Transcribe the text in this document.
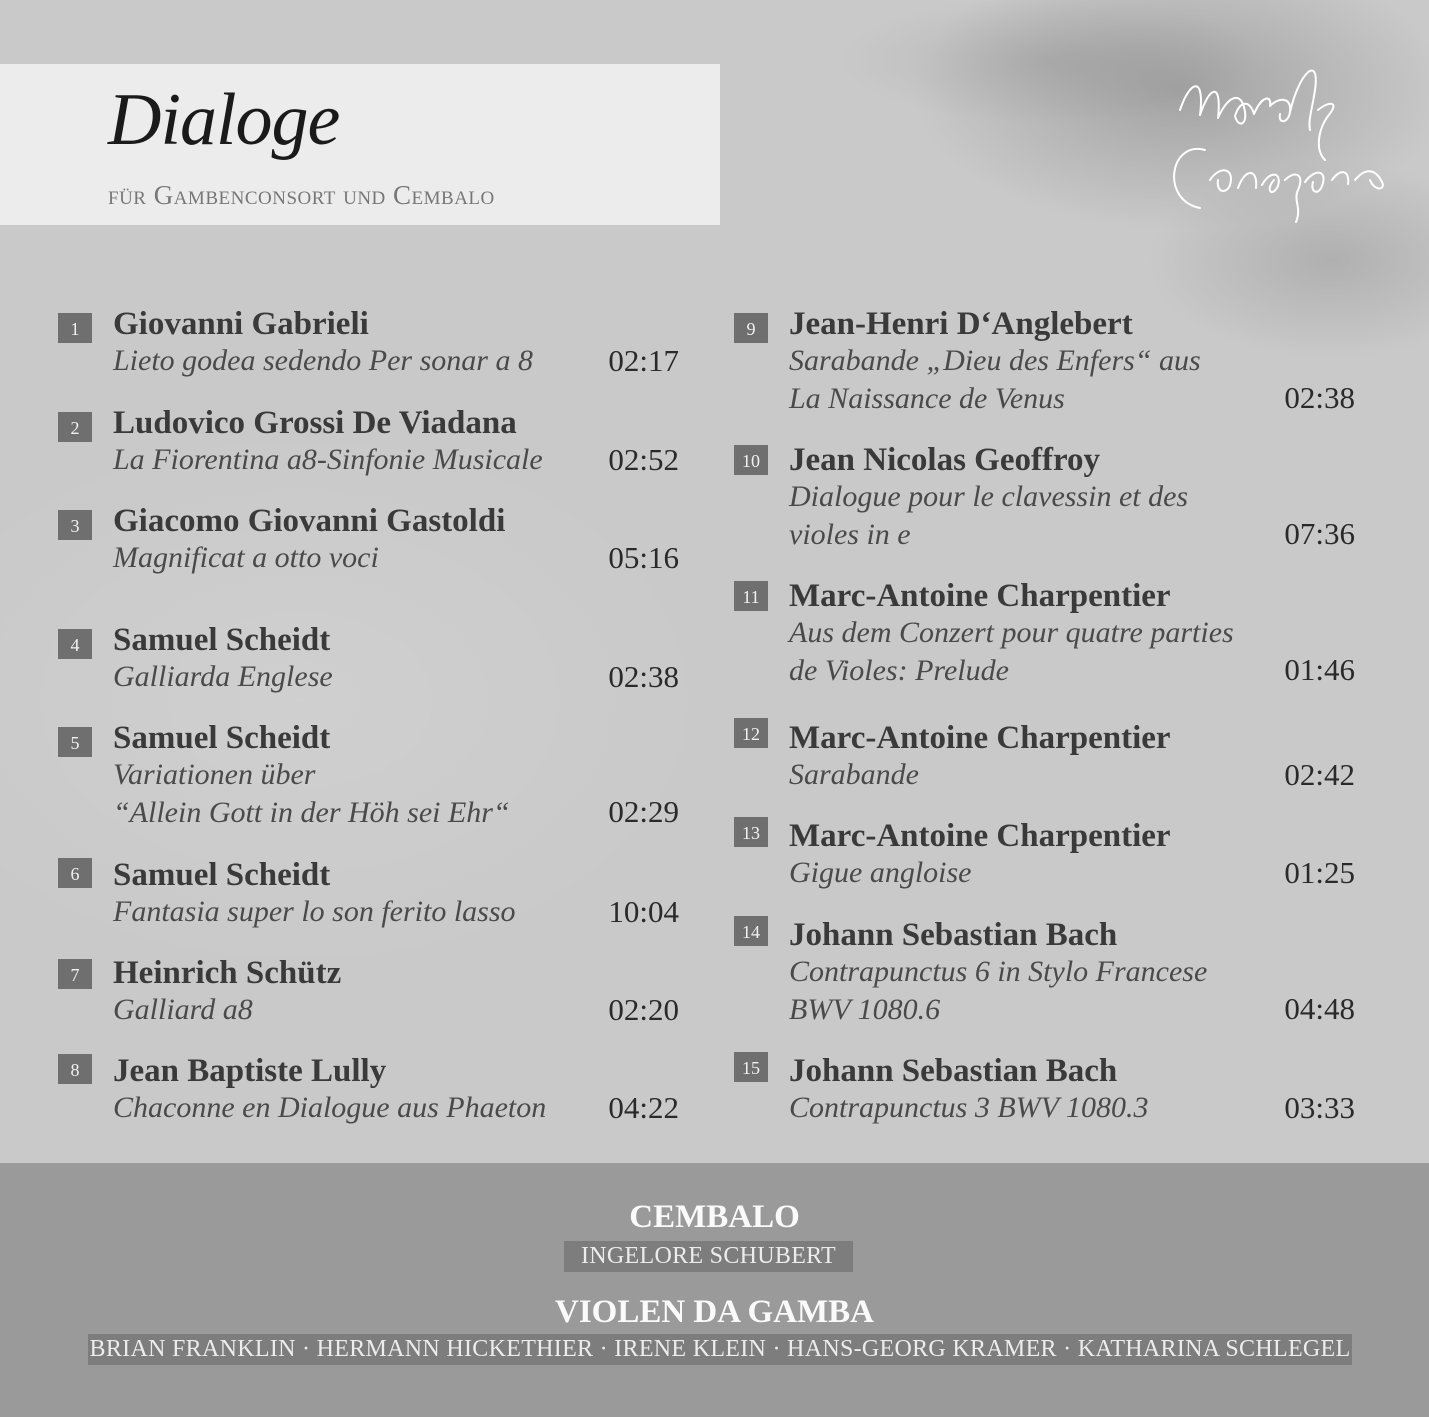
Dialoge

für Gambenconsort und Cembalo

1	Giovanni Gabrieli
Lieto godea sedendo Per sonar a 8	02:17
2	Ludovico Grossi De Viadana
La Fiorentina a8-Sinfonie Musicale	02:52
3	Giacomo Giovanni Gastoldi
Magnificat a otto voci	05:16
4	Samuel Scheidt
Galliarda Englese	02:38
5	Samuel Scheidt
Variationen über
“Allein Gott in der Höh sei Ehr“	02:29
6	Samuel Scheidt
Fantasia super lo son ferito lasso	10:04
7	Heinrich Schütz
Galliard a8	02:20
8	Jean Baptiste Lully
Chaconne en Dialogue aus Phaeton	04:22
9	Jean-Henri D‘Anglebert
Sarabande „Dieu des Enfers“ aus
La Naissance de Venus	02:38
10 Jean Nicolas Geoffroy
Dialogue pour le clavessin et des
violes in e	07:36
11 Marc-Antoine Charpentier
Aus dem Conzert pour quatre parties
de Violes: Prelude	01:46
12 Marc-Antoine Charpentier
Sarabande	02:42
13 Marc-Antoine Charpentier
Gigue angloise	01:25
14 Johann Sebastian Bach
Contrapunctus 6 in Stylo Francese
BWV 1080.6	04:48
15 Johann Sebastian Bach
Contrapunctus 3 BWV 1080.3	03:33
CEMBALO
INGELORE SCHUBERT
VIOLEN DA GAMBA
BRIAN FRANKLIN · HERMANN HICKETHIER · IRENE KLEIN · HANS-GEORG KRAMER · KATHARINA SCHLEGEL
